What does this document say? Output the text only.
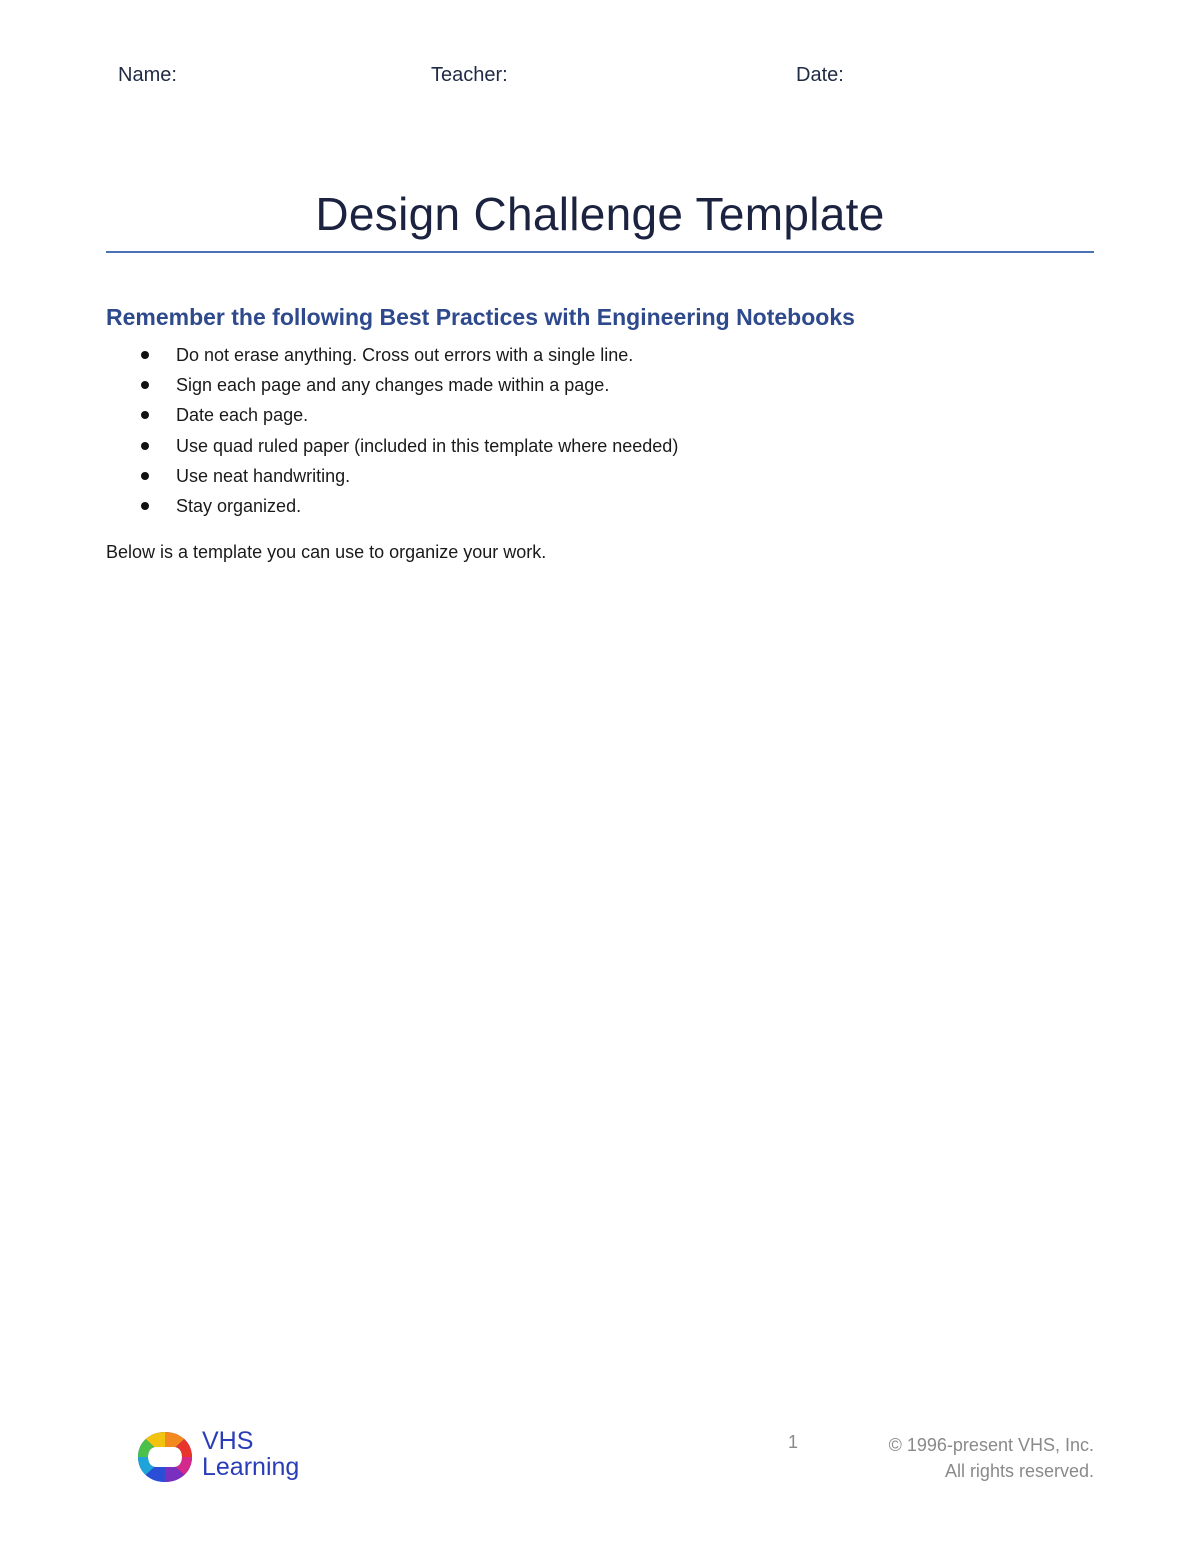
Name:	Teacher:	Date:
Design Challenge Template
Remember the following Best Practices with Engineering Notebooks
Do not erase anything. Cross out errors with a single line.
Sign each page and any changes made within a page.
Date each page.
Use quad ruled paper (included in this template where needed)
Use neat handwriting.
Stay organized.
Below is a template you can use to organize your work.
VHS
Learning
1	© 1996-present VHS, Inc.
All rights reserved.
